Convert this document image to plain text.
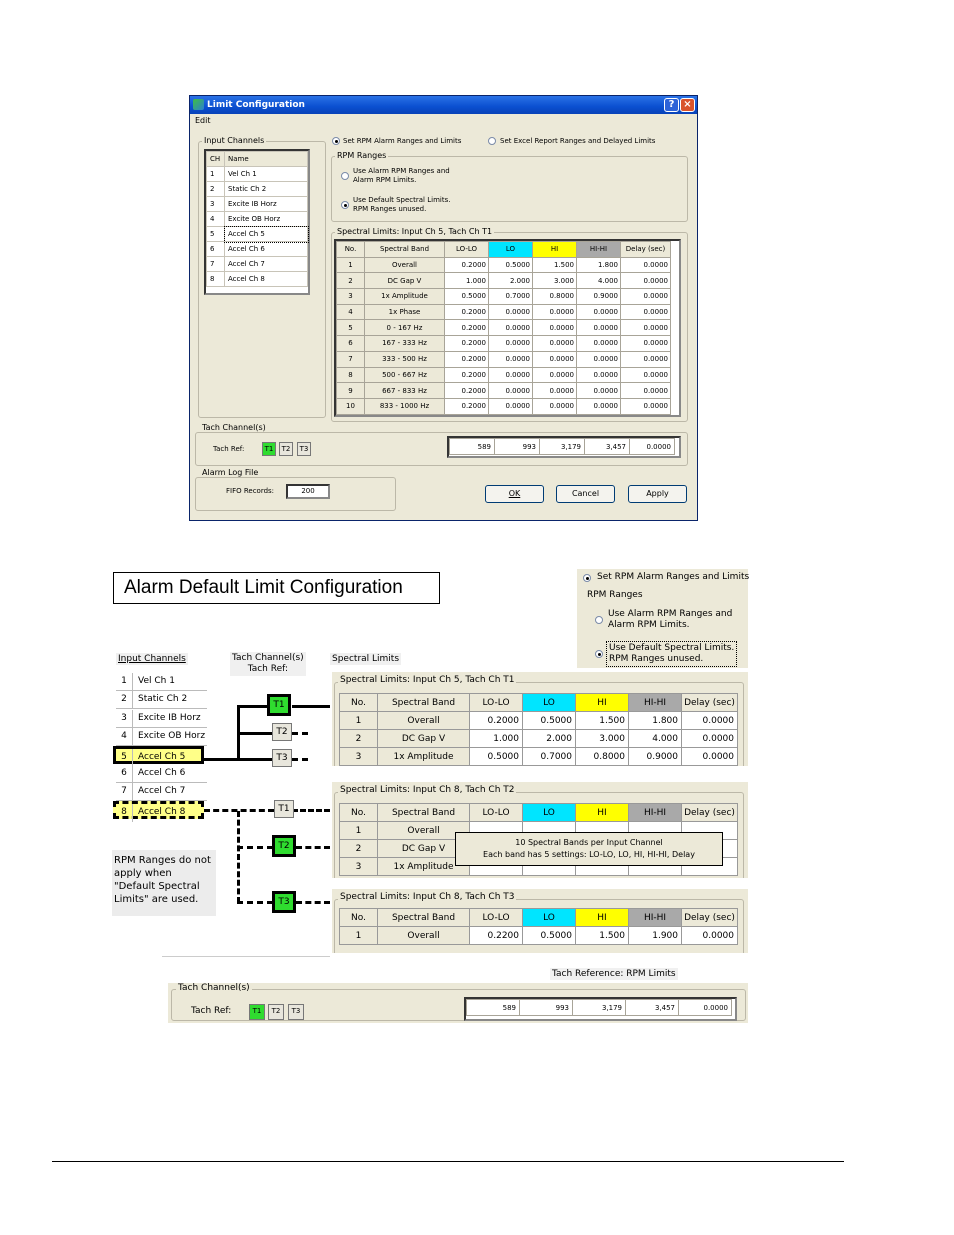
Limit Configuration	? ×
Edit
Input Channels
CH	Name
1	Vel Ch 1
2	Static Ch 2
3	Excite IB Horz
4	Excite OB Horz
5	Accel Ch 5
6	Accel Ch 6
7	Accel Ch 7
8	Accel Ch 8
Set RPM Alarm Ranges and Limits	Set Excel Report Ranges and Delayed Limits
RPM Ranges
Use Alarm RPM Ranges and
Alarm RPM Limits.
Use Default Spectral Limits.
RPM Ranges unused.
Spectral Limits: Input Ch 5, Tach Ch T1
No.	Spectral Band	LO-LO	LO	HI	HI-HI	Delay (sec)
1	Overall	0.2000	0.5000	1.500	1.800	0.0000
2	DC Gap V	1.000	2.000	3.000	4.000	0.0000
3	1x Amplitude	0.5000	0.7000	0.8000	0.9000	0.0000
4	1x Phase	0.2000	0.0000	0.0000	0.0000	0.0000
5	0 - 167 Hz	0.2000	0.0000	0.0000	0.0000	0.0000
6	167 - 333 Hz	0.2000	0.0000	0.0000	0.0000	0.0000
7	333 - 500 Hz	0.2000	0.0000	0.0000	0.0000	0.0000
8	500 - 667 Hz	0.2000	0.0000	0.0000	0.0000	0.0000
9	667 - 833 Hz	0.2000	0.0000	0.0000	0.0000	0.0000
10	833 - 1000 Hz	0.2000	0.0000	0.0000	0.0000	0.0000
Tach Channel(s)
Tach Ref:	T1	T2	T3	589	993	3,179	3,457	0.0000
Alarm Log File
FIFO Records:	200	OK	Cancel	Apply
Alarm Default Limit Configuration	Set RPM Alarm Ranges and Limits
RPM Ranges
Use Alarm RPM Ranges and
Alarm RPM Limits.
Use Default Spectral Limits.
RPM Ranges unused.
Input Channels	Tach Channel(s)
Tach Ref:
Spectral Limits
1	Vel Ch 1
2	Static Ch 2
3	Excite IB Horz
4	Excite OB Horz
5	Accel Ch 5
6	Accel Ch 6
7	Accel Ch 7
8	Accel Ch 8
T1
T2
T3
T1
T2
T3
Spectral Limits: Input Ch 5, Tach Ch T1
No.	Spectral Band	LO-LO	LO	HI	HI-HI	Delay (sec)
1	Overall	0.2000	0.5000	1.500	1.800	0.0000
2	DC Gap V	1.000	2.000	3.000	4.000	0.0000
3	1x Amplitude	0.5000	0.7000	0.8000	0.9000	0.0000
Spectral Limits: Input Ch 8, Tach Ch T2
No.	Spectral Band	LO-LO	LO	HI	HI-HI	Delay (sec)
1	Overall					
2	DC Gap V					
3	1x Amplitude					
10 Spectral Bands per Input Channel
Each band has 5 settings: LO-LO, LO, HI, HI-HI, Delay
Spectral Limits: Input Ch 8, Tach Ch T3
No.	Spectral Band	LO-LO	LO	HI	HI-HI	Delay (sec)
1	Overall	0.2200	0.5000	1.500	1.900	0.0000
RPM Ranges do not apply when "Default Spectral Limits" are used.
Tach Reference: RPM Limits
Tach Channel(s)
Tach Ref:	T1	T2	T3	589	993	3,179	3,457	0.0000
